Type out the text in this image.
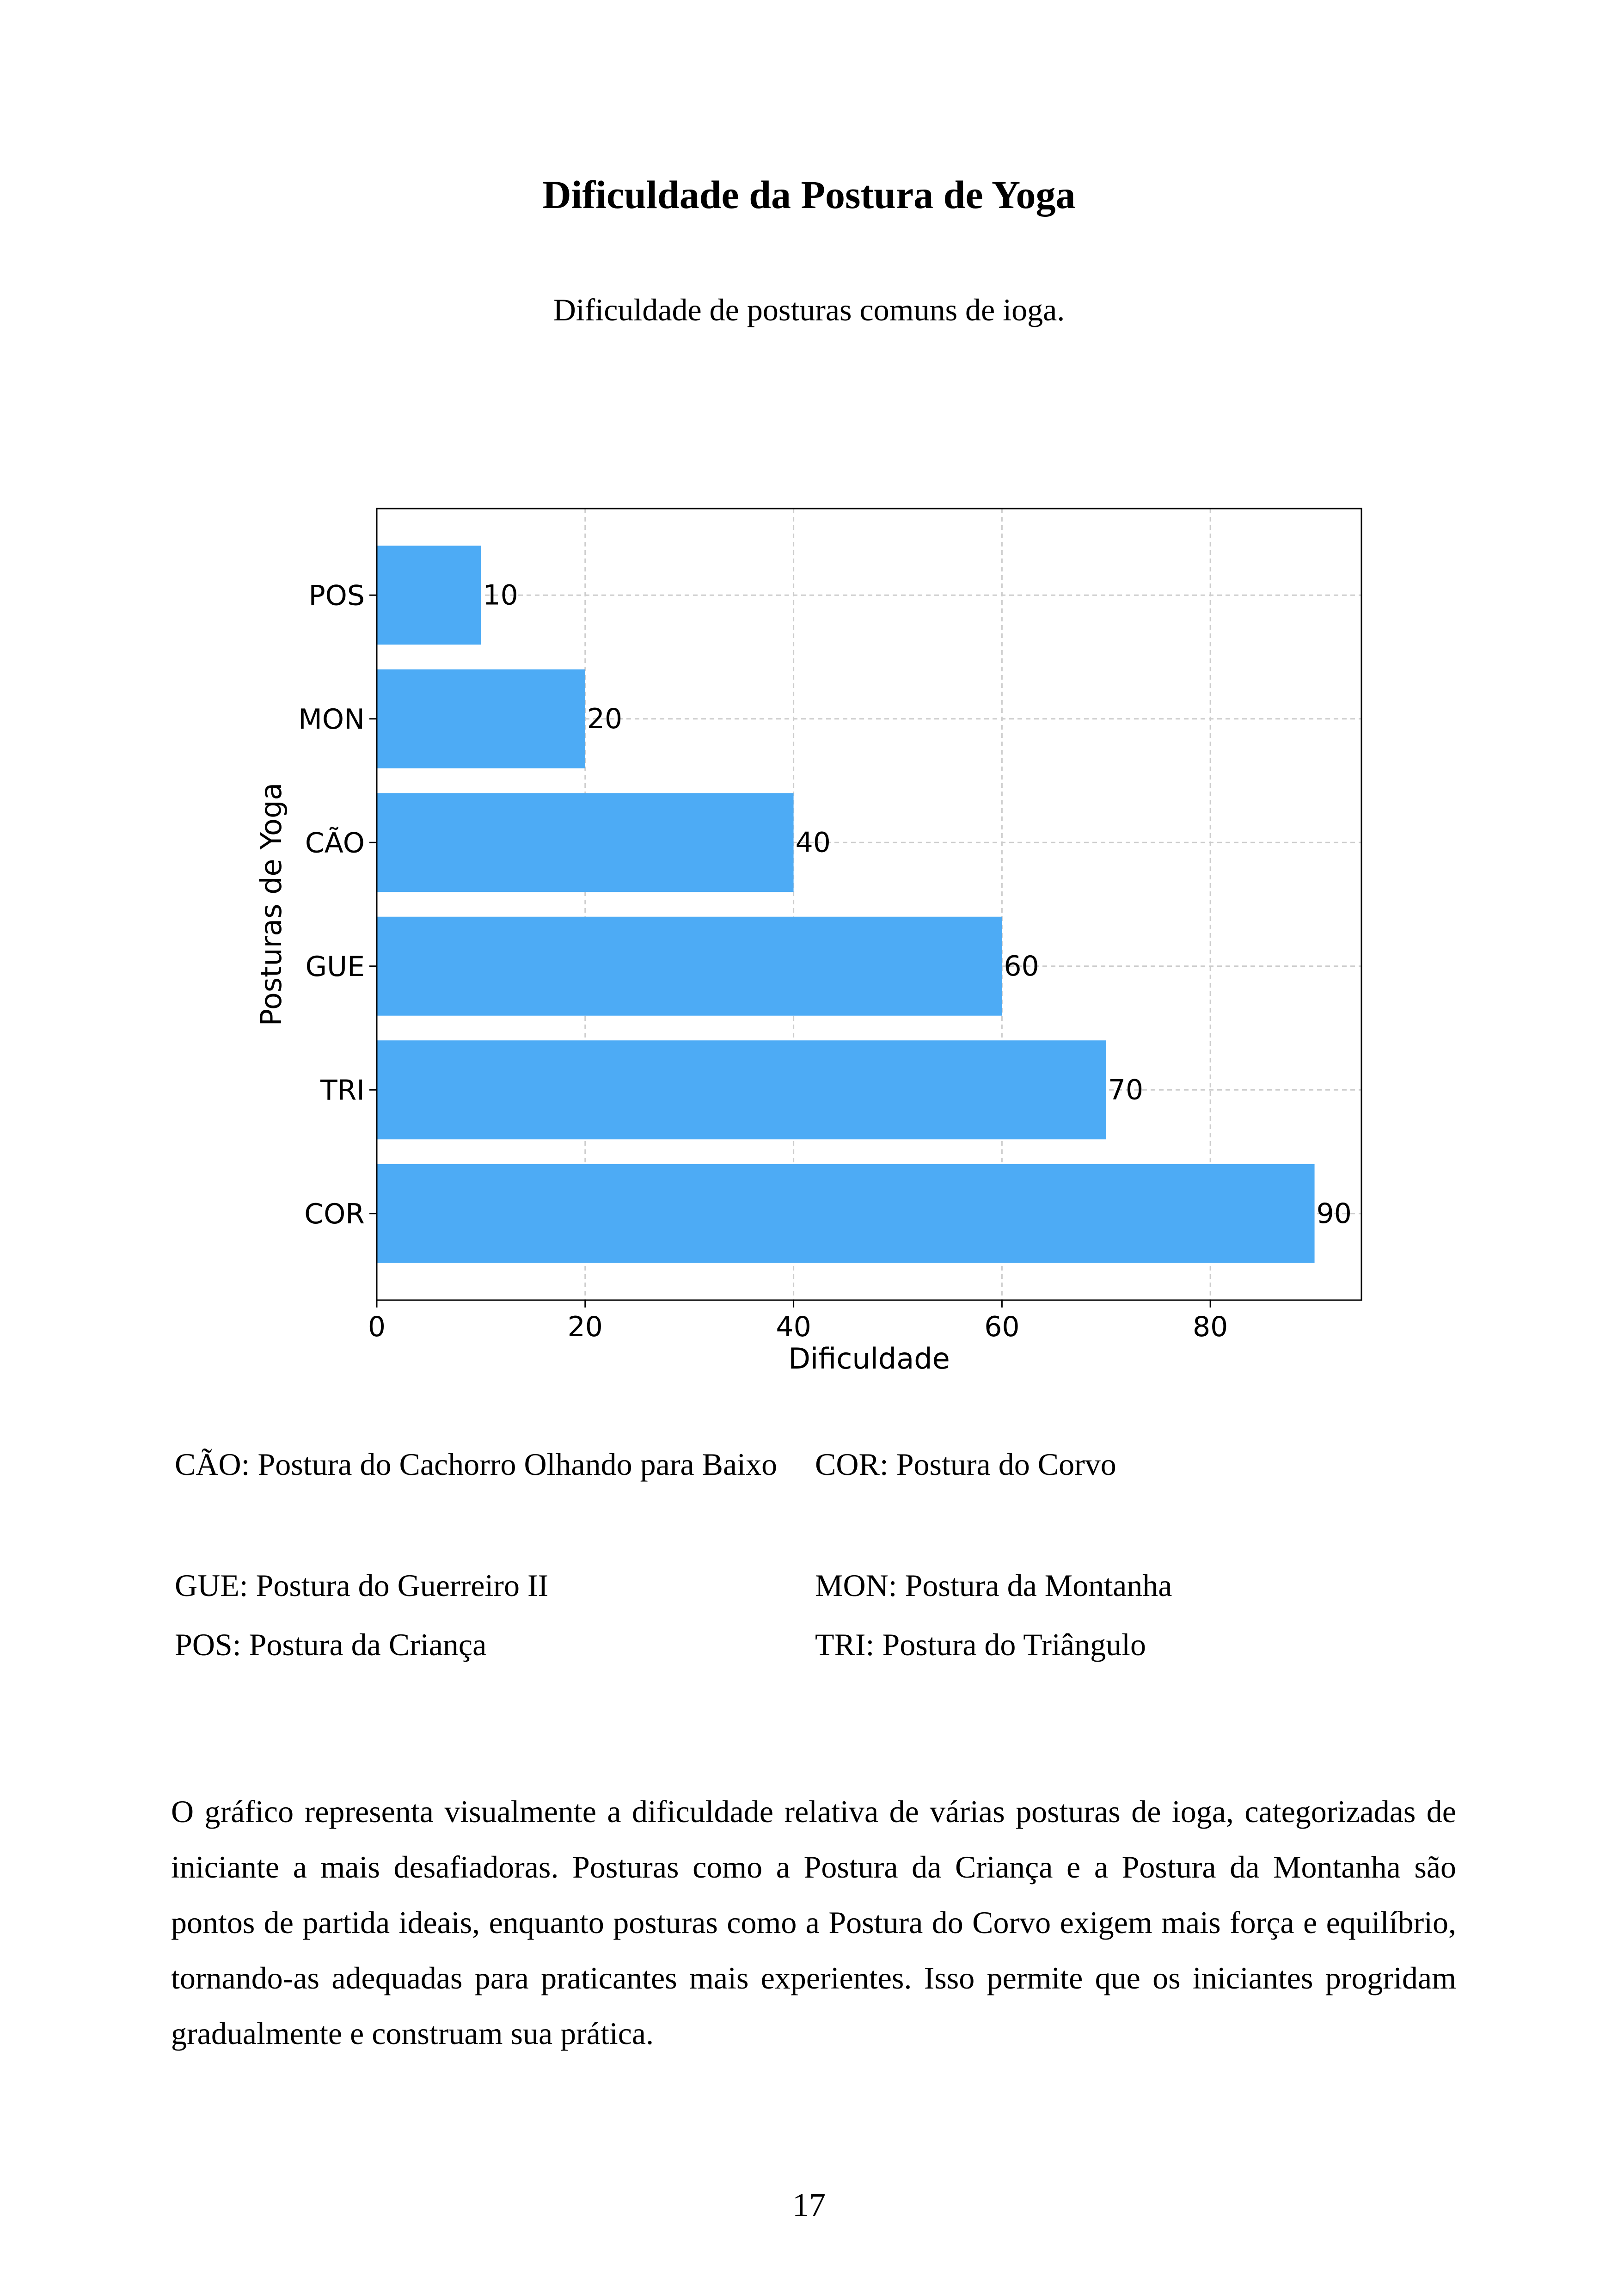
Dificuldade da Postura de Yoga
Dificuldade de posturas comuns de ioga.
10
20
40
60
70
90
0	20	40	60	80
POS
MON
CÃO
GUE
TRI
COR
Dificuldade
Posturas de Yoga
CÃO: Postura do Cachorro Olhando para Baixo COR: Postura do Corvo
GUE: Postura do Guerreiro II	MON: Postura da Montanha
POS: Postura da Criança	TRI: Postura do Triângulo
O gráfico representa visualmente a dificuldade relativa de várias posturas de ioga, categorizadas de iniciante a mais desafiadoras. Posturas como a Postura da Criança e a Postura da Montanha são pontos de partida ideais, enquanto posturas como a Postura do Corvo exigem mais força e equilíbrio, tornando-as adequadas para praticantes mais experientes. Isso permite que os iniciantes progridam gradualmente e construam sua prática.
17
